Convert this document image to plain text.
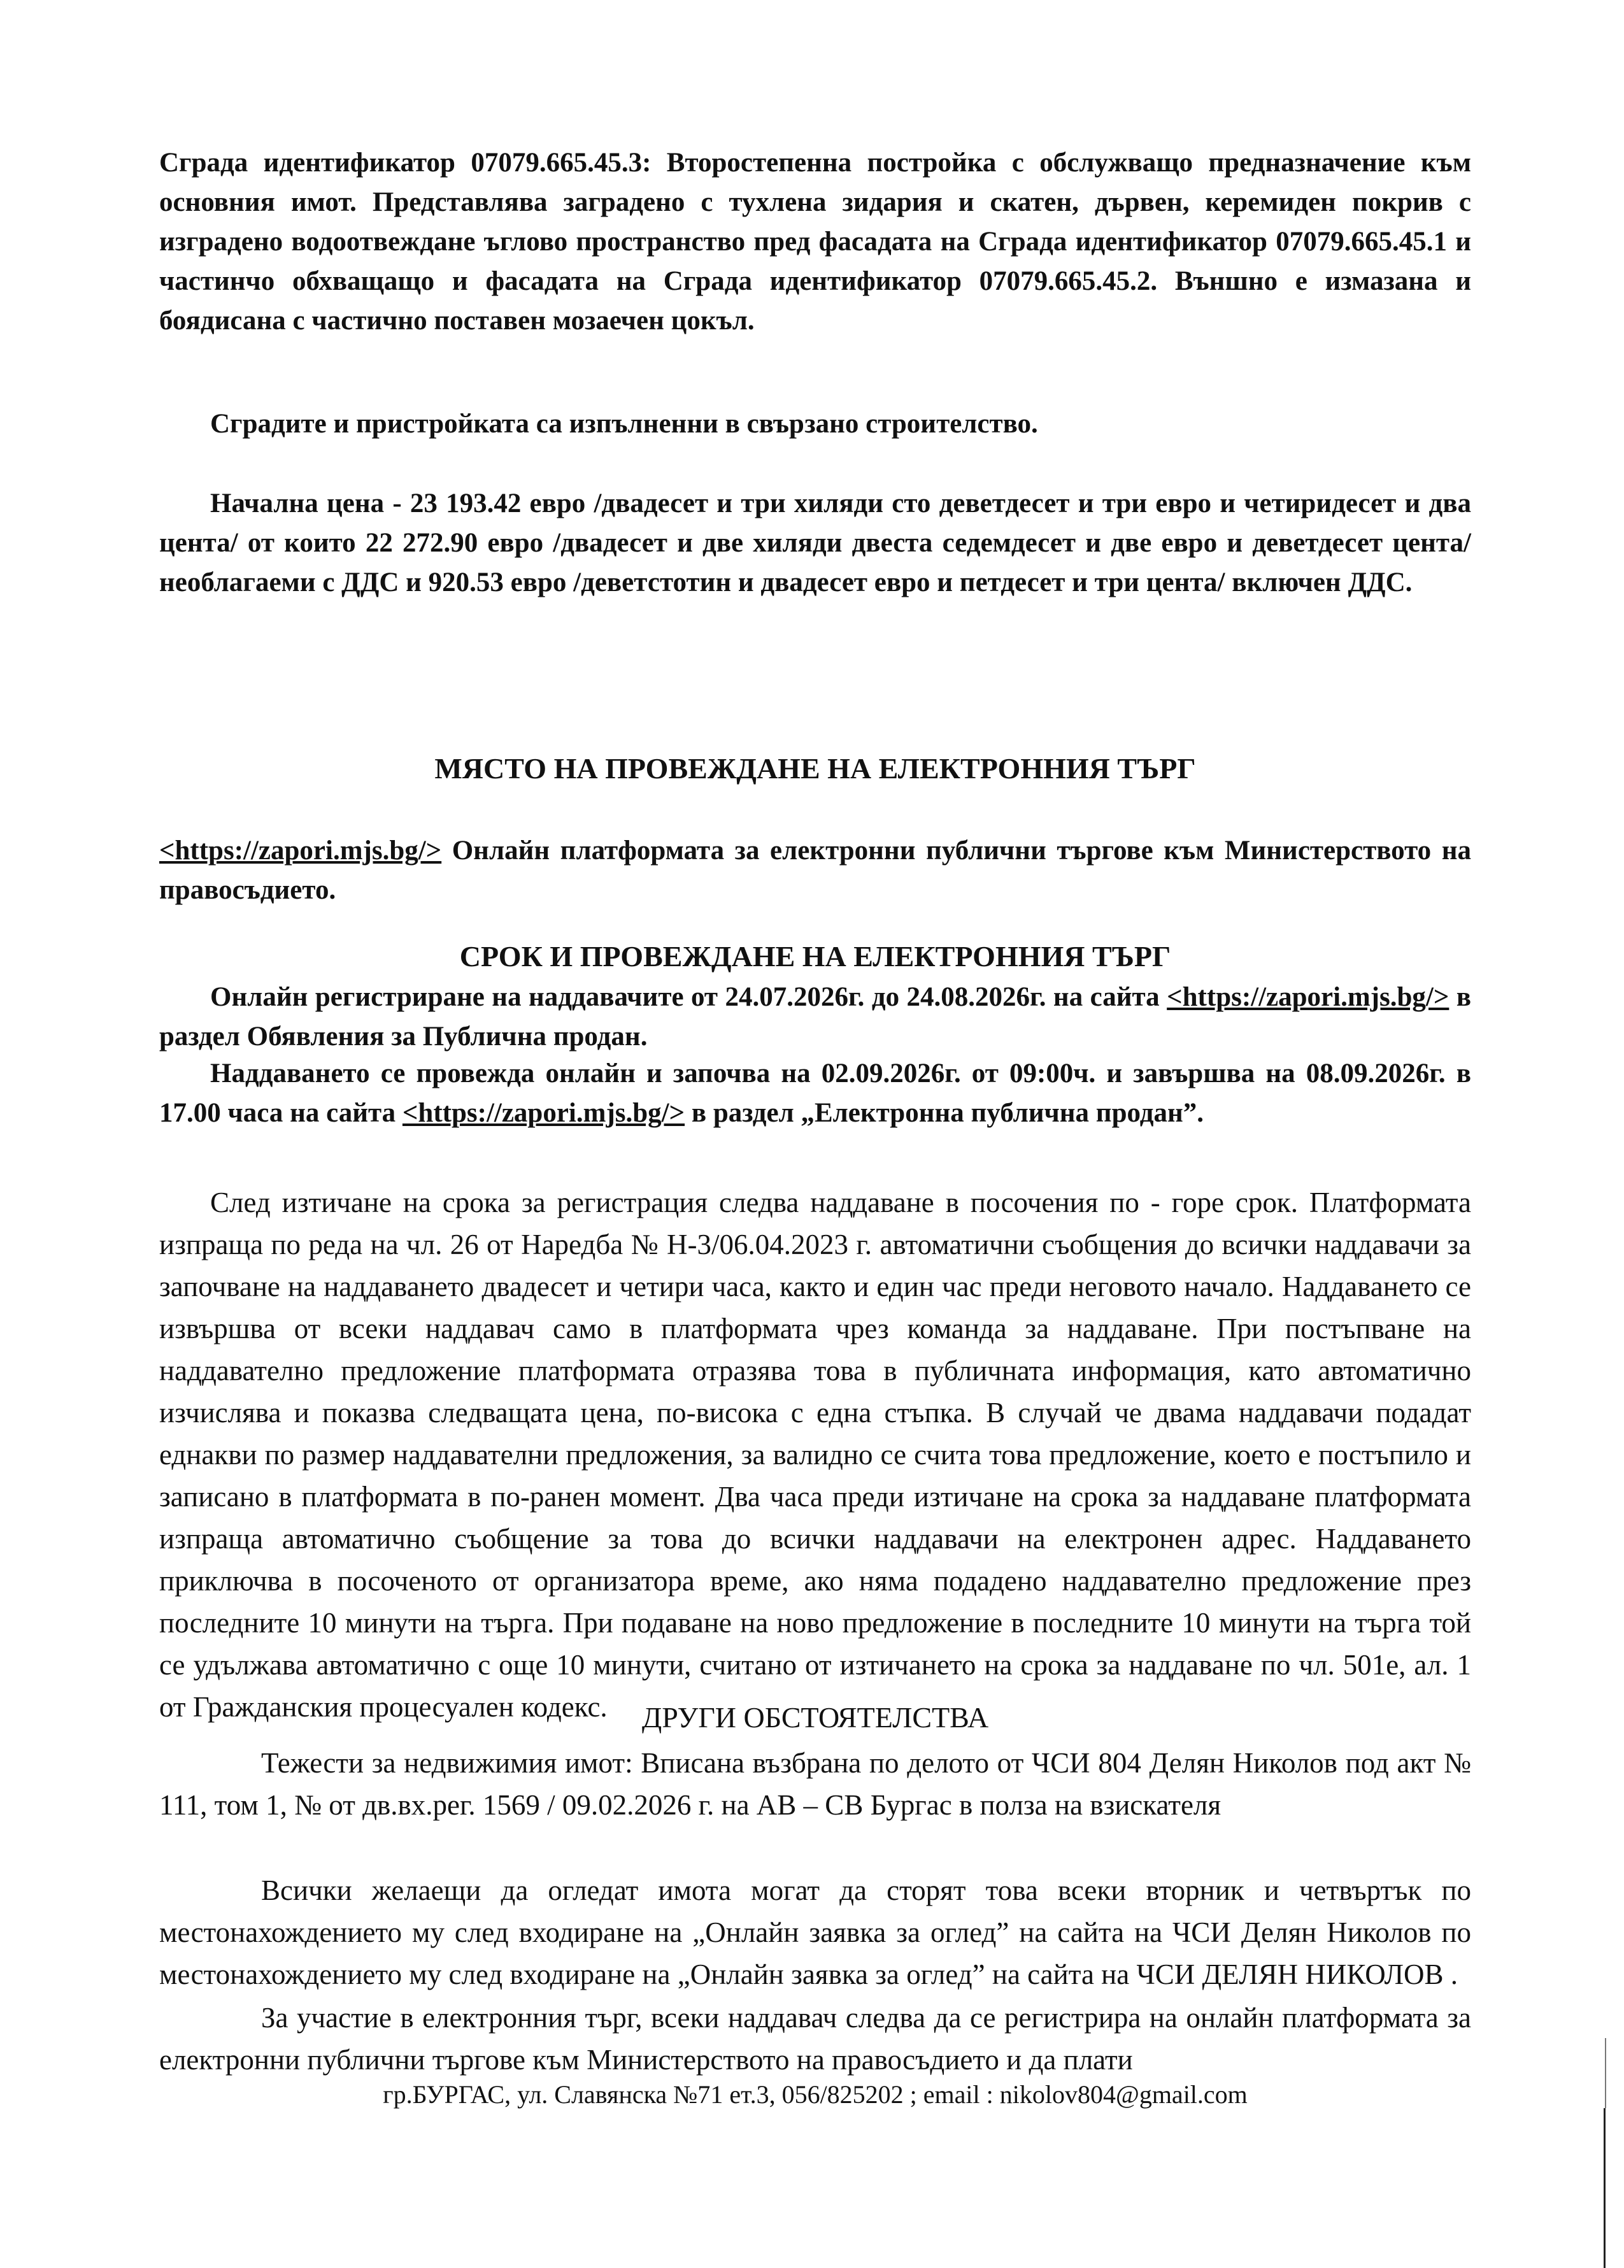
Сграда идентификатор 07079.665.45.3: Второстепенна постройка с обслужващо предназначение към основния имот. Представлява заградено с тухлена зидария и скатен, дървен, керемиден покрив с изградено водоотвеждане ъглово пространство пред фасадата на Сграда идентификатор 07079.665.45.1 и частинчо обхващащо и фасадата на Сграда идентификатор 07079.665.45.2. Външно е измазана и боядисана с частично поставен мозаечен цокъл.
Сградите и пристройката са изпълненни в свързано строителство.
Начална цена - 23 193.42 евро /двадесет и три хиляди сто деветдесет и три евро и четиридесет и два цента/ от които 22 272.90 евро /двадесет и две хиляди двеста седемдесет и две евро и деветдесет цента/ необлагаеми с ДДС и 920.53 евро /деветстотин и двадесет евро и петдесет и три цента/ включен ДДС.
МЯСТО НА ПРОВЕЖДАНЕ НА ЕЛЕКТРОННИЯ ТЪРГ
<https://zapori.mjs.bg/> Онлайн платформата за електронни публични търгове към Министерството на правосъдието.
СРОК И ПРОВЕЖДАНЕ НА ЕЛЕКТРОННИЯ ТЪРГ
Онлайн регистриране на наддавачите от 24.07.2026г. до 24.08.2026г. на сайта <https://zapori.mjs.bg/> в раздел Обявления за Публична продан.
Наддаването се провежда онлайн и започва на 02.09.2026г. от 09:00ч. и завършва на 08.09.2026г. в 17.00 часа на сайта <https://zapori.mjs.bg/> в раздел „Електронна публична продан”.
След изтичане на срока за регистрация следва наддаване в посочения по - горе срок. Платформата изпраща по реда на чл. 26 от Наредба № Н-3/06.04.2023 г. автоматични съобщения до всички наддавачи за започване на наддаването двадесет и четири часа, както и един час преди неговото начало. Наддаването се извършва от всеки наддавач само в платформата чрез команда за наддаване. При постъпване на наддавателно предложение платформата отразява това в публичната информация, като автоматично изчислява и показва следващата цена, по-висока с една стъпка. В случай че двама наддавачи подадат еднакви по размер наддавателни предложения, за валидно се счита това предложение, което е постъпило и записано в платформата в по-ранен момент. Два часа преди изтичане на срока за наддаване платформата изпраща автоматично съобщение за това до всички наддавачи на електронен адрес. Наддаването приключва в посоченото от организатора време, ако няма подадено наддавателно предложение през последните 10 минути на търга. При подаване на ново предложение в последните 10 минути на търга той се удължава автоматично с още 10 минути, считано от изтичането на срока за наддаване по чл. 501е, ал. 1 от Гражданския процесуален кодекс.	ДРУГИ ОБСТОЯТЕЛСТВА
Тежести за недвижимия имот: Вписана възбрана по делото от ЧСИ 804 Делян Николов под акт № 111, том 1, № от дв.вх.рег. 1569 / 09.02.2026 г. на АВ – СВ Бургас в полза на взискателя
Всички желаещи да огледат имота могат да сторят това всеки вторник и четвъртък по местонахождението му след входиране на „Онлайн заявка за оглед” на сайта на ЧСИ Делян Николов по местонахождението му след входиране на „Онлайн заявка за оглед” на сайта на ЧСИ ДЕЛЯН НИКОЛОВ .
За участие в електронния търг, всеки наддавач следва да се регистрира на онлайн платформата за електронни публични търгове към Министерството на правосъдието и да плати
гр.БУРГАС, ул. Славянска №71 ет.3, 056/825202 ; email : nikolov804@gmail.com
